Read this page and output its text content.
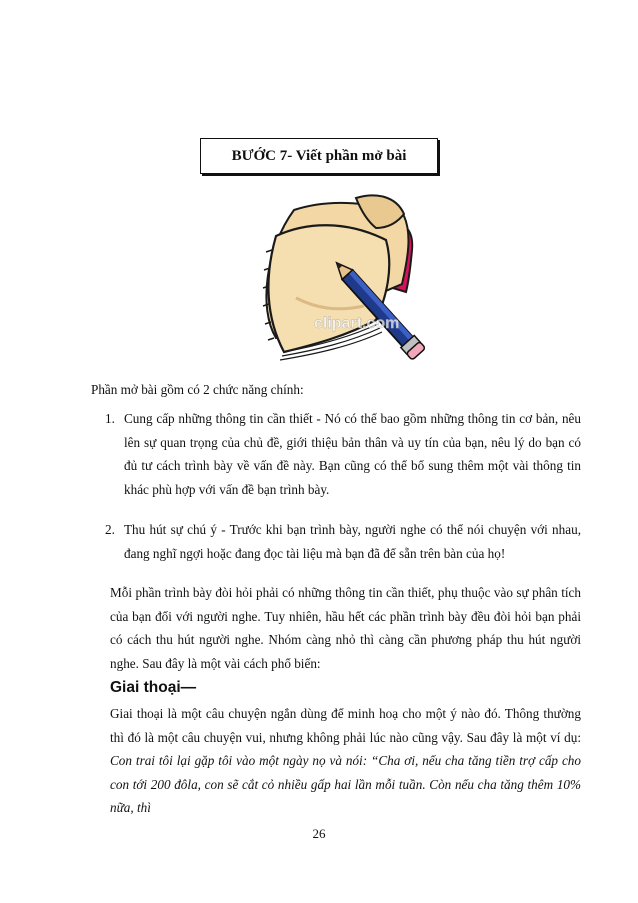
BƯỚC 7- Viết phần mở bài
clipart.com
Phần mở bài gồm có 2 chức năng chính:
1. Cung cấp những thông tin cần thiết - Nó có thể bao gồm những thông tin cơ bản, nêu lên sự quan trọng của chủ đề, giới thiệu bản thân và uy tín của bạn, nêu lý do bạn có đủ tư cách trình bày về vấn đề này. Bạn cũng có thể bổ sung thêm một vài thông tin khác phù hợp với vấn đề bạn trình bày.
2. Thu hút sự chú ý - Trước khi bạn trình bày, người nghe có thể nói chuyện với nhau, đang nghĩ ngợi hoặc đang đọc tài liệu mà bạn đã để sẵn trên bàn của họ!
Mỗi phần trình bày đòi hỏi phải có những thông tin cần thiết, phụ thuộc vào sự phân tích của bạn đối với người nghe. Tuy nhiên, hầu hết các phần trình bày đều đòi hỏi bạn phải có cách thu hút người nghe. Nhóm càng nhỏ thì càng cần phương pháp thu hút người nghe. Sau đây là một vài cách phổ biến:
Giai thoại—
Giai thoại là một câu chuyện ngắn dùng để minh hoạ cho một ý nào đó. Thông thường thì đó là một câu chuyện vui, nhưng không phải lúc nào cũng vậy. Sau đây là một ví dụ: Con trai tôi lại gặp tôi vào một ngày nọ và nói: “Cha ơi, nếu cha tăng tiền trợ cấp cho con tới 200 đôla, con sẽ cắt cỏ nhiều gấp hai lần mỗi tuần. Còn nếu cha tăng thêm 10% nữa, thì
26
